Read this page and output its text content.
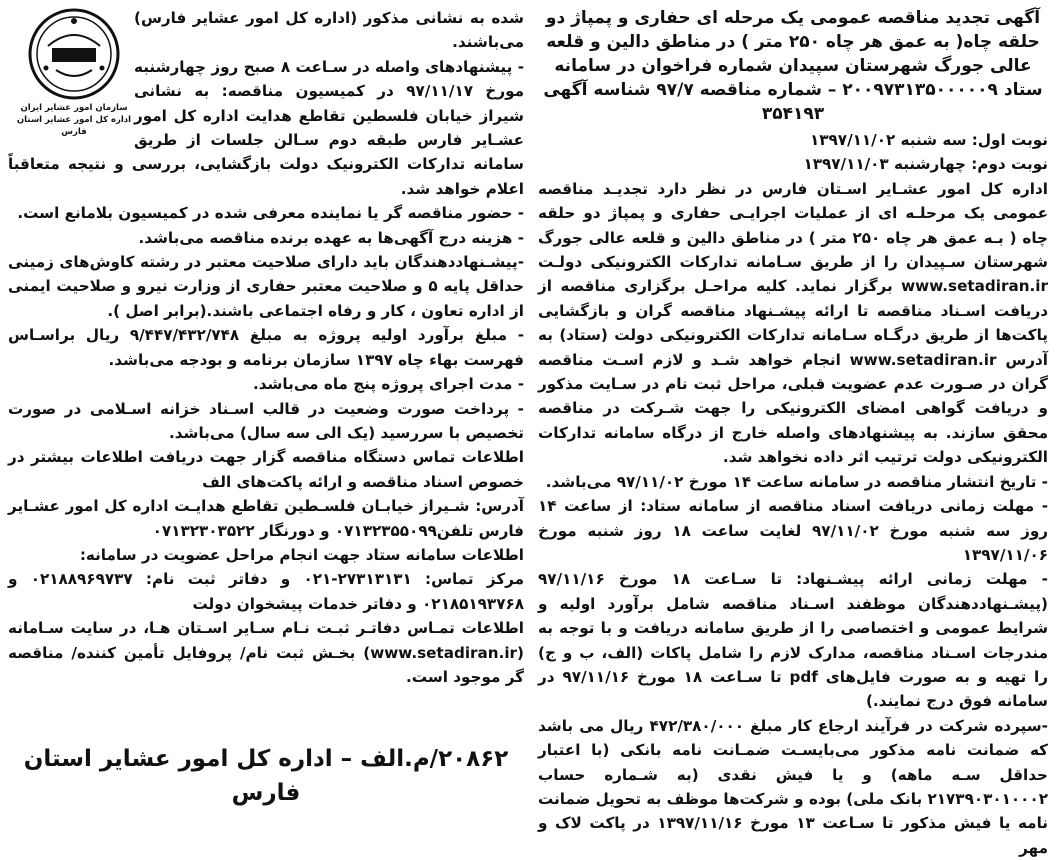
آگهی تجدید مناقصه عمومی یک مرحله ای حفاری و پمپاژ دو حلقه چاه( به عمق هر چاه ۲۵۰ متر ) در مناطق دالین و قلعه عالی جورگ شهرستان سپیدان شماره فراخوان در سامانه ستاد ۲۰۰۹۷۳۱۳۵۰۰۰۰۰۹ – شماره مناقصه ۹۷/۷ شناسه آگهی ۳۵۴۱۹۳

نوبت اول: سه شنبه ۱۳۹۷/۱۱/۰۲

نوبت دوم: چهارشنبه ۱۳۹۷/۱۱/۰۳

اداره کل امور عشـایر اسـتان فارس در نظر دارد تجدیـد مناقصه عمومی یک مرحلـه ای از عملیات اجرایـی حفاری و پمپاژ دو حلقه چاه ( بـه عمق هر چاه ۲۵۰ متر ) در مناطق دالین و قلعه عالی جورگ شهرستان سـپیدان را از طریق سـامانه تدارکات الکترونیکی دولـت www.setadiran.ir برگزار نماید. کلیه مراحـل برگزاری مناقصه از دریافت اسـناد مناقصه تا ارائه پیشـنهاد مناقصه گران و بازگشایی پاکت‌ها از طریق درگـاه سـامانه تدارکات الکترونیکی دولت (ستاد) به آدرس www.setadiran.ir انجام خواهد شـد و لازم اسـت مناقصه گران در صـورت عدم عضویت قبلی، مراحل ثبت نام در سـایت مذکور و دریافت گواهی امضای الکترونیکی را جهت شـرکت در مناقصه محقق سازند. به پیشنهادهای واصله خارج از درگاه سامانه تدارکات الکترونیکی دولت ترتیب اثر داده نخواهد شد.

- تاریخ انتشار مناقصه در سامانه ساعت ۱۴ مورخ ۹۷/۱۱/۰۲ می‌باشد.

- مهلت زمانی دریافت اسناد مناقصه از سامانه ستاد: از ساعت ۱۴ روز سه شنبه مورخ ۹۷/۱۱/۰۲ لغایت ساعت ۱۸ روز شنبه مورخ ۱۳۹۷/۱۱/۰۶

- مهلت زمانی ارائه پیشـنهاد: تا سـاعت ۱۸ مورخ ۹۷/۱۱/۱۶ (پیشـنهاددهندگان موظفند اسـناد مناقصه شامل برآورد اولیه و شرایط عمومی و اختصاصی را از طریق سامانه دریافت و با توجه به مندرجات اسـناد مناقصه، مدارک لازم را شامل پاکات (الف، ب و ج) را تهیه و به صورت فایل‌های pdf تا سـاعت ۱۸ مورخ ۹۷/۱۱/۱۶ در سامانه فوق درج نمایند.)

-سپرده شرکت در فرآیند ارجاع کار مبلغ ۴۷۲/۳۸۰/۰۰۰ ریال می باشد که ضمانت نامه مذکور می‌بایسـت ضمـانت نامه بانکی (با اعتبار حداقل سـه ماهه) و یا فیش نقدی (به شـماره حساب ۲۱۷۳۹۰۳۰۱۰۰۰۲ بانک ملی) بوده و شرکت‌ها موظف به تحویل ضمانت نامه یا فیش مذکور تا سـاعت ۱۳ مورخ ۱۳۹۷/۱۱/۱۶ در پاکت لاک و مهر

سازمان امور عشایر ایران
اداره کل امور عشایر استان فارس

شده به نشانی مذکور (اداره کل امور عشایر فارس) می‌باشند.

- پیشنهادهای واصله در سـاعت ۸ صبح روز چهارشنبه مورخ ۹۷/۱۱/۱۷ در کمیسیون مناقصه: به نشانی شیراز خیابان فلسطین تقاطع هدایت اداره کل امور عشـایر فارس طبقه دوم سـالن جلسات از طریق سامانه تدارکات الکترونیک دولت بازگشایی، بررسی و نتیجه متعاقباً اعلام خواهد شد.

- حضور مناقصه گر یا نماینده معرفی شده در کمیسیون بلامانع است.

- هزینه درج آگهی‌ها به عهده برنده مناقصه می‌باشد.

-پیشـنهاددهندگان باید دارای صلاحیت معتبر در رشته کاوش‌های زمینی حداقل پایه ۵ و صلاحیت معتبر حفاری از وزارت نیرو و صلاحیت ایمنی از اداره تعاون ، کار و رفاه اجتماعی باشند.(برابر اصل ).

- مبلغ برآورد اولیه پروژه به مبلغ ۹/۴۴۷/۴۳۲/۷۴۸ ریال براسـاس فهرست بهاء چاه ۱۳۹۷ سازمان برنامه و بودجه می‌باشد.

- مدت اجرای پروژه پنج ماه می‌باشد.

- پرداخت صورت وضعیت در قالب اسـناد خزانه اسـلامی در صورت تخصیص با سررسید (یک الی سه سال) می‌باشد.

اطلاعات تماس دستگاه مناقصه گزار جهت دریافت اطلاعات بیشتر در خصوص اسناد مناقصه و ارائه پاکت‌های الف

آدرس: شـیراز خیابـان فلسـطین تقاطع هدایـت اداره کل امور عشـایر فارس تلفن۰۷۱۳۲۳۵۵۰۹۹ و دورنگار ۰۷۱۳۲۳۰۳۵۲۲

اطلاعات سامانه ستاد جهت انجام مراحل عضویت در سامانه:

مرکز تماس: ۲۷۳۱۳۱۳۱-۰۲۱ و دفاتر ثبت نام: ۰۲۱۸۸۹۶۹۷۳۷ و ۰۲۱۸۵۱۹۳۷۶۸ و دفاتر خدمات پیشخوان دولت

اطلاعات تمـاس دفاتـر ثبـت نـام سـایر اسـتان هـا، در سایت سـامانه (www.setadiran.ir) بخـش ثبت نام/ پروفایل تأمین کننده/ مناقصه گر موجود است.

۲۰۸۶۲/م.الف – اداره کل امور عشایر استان فارس
